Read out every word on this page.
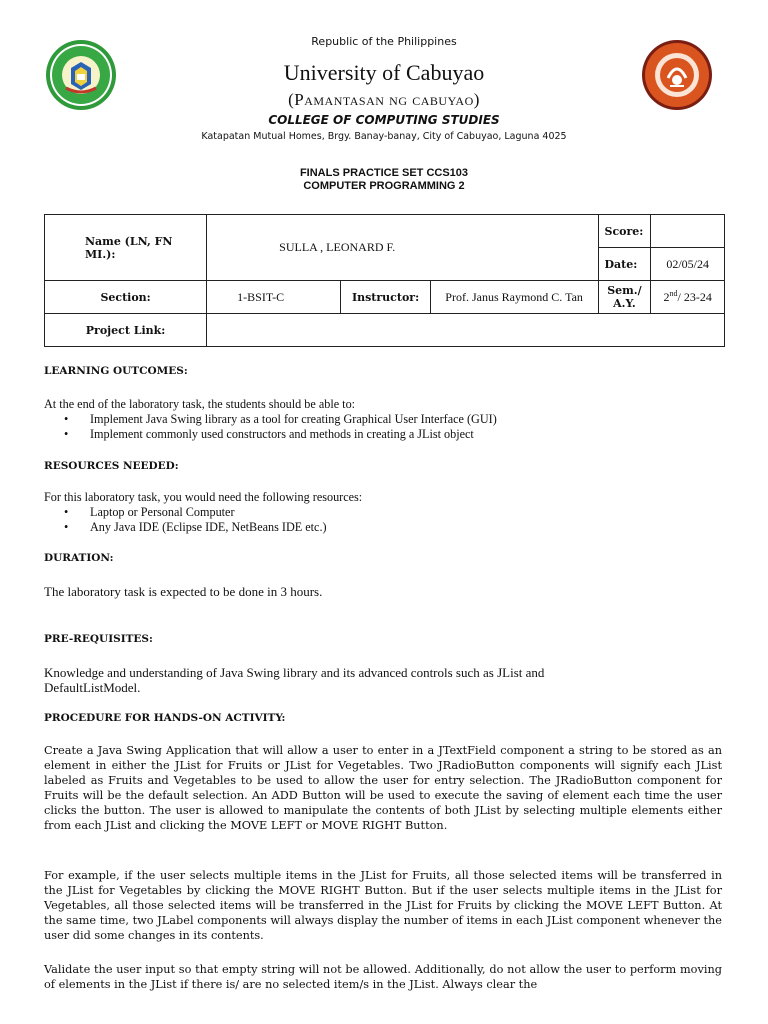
Republic of the Philippines
University of Cabuyao
(Pamantasan ng cabuyao)
COLLEGE OF COMPUTING STUDIES
Katapatan Mutual Homes, Brgy. Banay-banay, City of Cabuyao, Laguna 4025
FINALS PRACTICE SET CCS103
COMPUTER PROGRAMMING 2
Name (LN, FN MI.):	SULLA , LEONARD F.			Score:	
				Date:	02/05/24
Section:	1-BSIT-C	Instructor:	Prof. Janus Raymond C. Tan	Sem./ A.Y.	2nd/ 23-24
Project Link:					
LEARNING OUTCOMES:
At the end of the laboratory task, the students should be able to:
• Implement Java Swing library as a tool for creating Graphical User Interface (GUI)
• Implement commonly used constructors and methods in creating a JList object
RESOURCES NEEDED:
For this laboratory task, you would need the following resources:
• Laptop or Personal Computer
• Any Java IDE (Eclipse IDE, NetBeans IDE etc.)
DURATION:
The laboratory task is expected to be done in 3 hours.
PRE-REQUISITES:
Knowledge and understanding of Java Swing library and its advanced controls such as JList and DefaultListModel.
PROCEDURE FOR HANDS-ON ACTIVITY:
Create a Java Swing Application that will allow a user to enter in a JTextField component a string to be stored as an element in either the JList for Fruits or JList for Vegetables. Two JRadioButton components will signify each JList labeled as Fruits and Vegetables to be used to allow the user for entry selection. The JRadioButton component for Fruits will be the default selection. An ADD Button will be used to execute the saving of element each time the user clicks the button. The user is allowed to manipulate the contents of both JList by selecting multiple elements either from each JList and clicking the MOVE LEFT or MOVE RIGHT Button.
For example, if the user selects multiple items in the JList for Fruits, all those selected items will be transferred in the JList for Vegetables by clicking the MOVE RIGHT Button. But if the user selects multiple items in the JList for Vegetables, all those selected items will be transferred in the JList for Fruits by clicking the MOVE LEFT Button. At the same time, two JLabel components will always display the number of items in each JList component whenever the user did some changes in its contents.
Validate the user input so that empty string will not be allowed. Additionally, do not allow the user to perform moving of elements in the JList if there is/ are no selected item/s in the JList. Always clear the
